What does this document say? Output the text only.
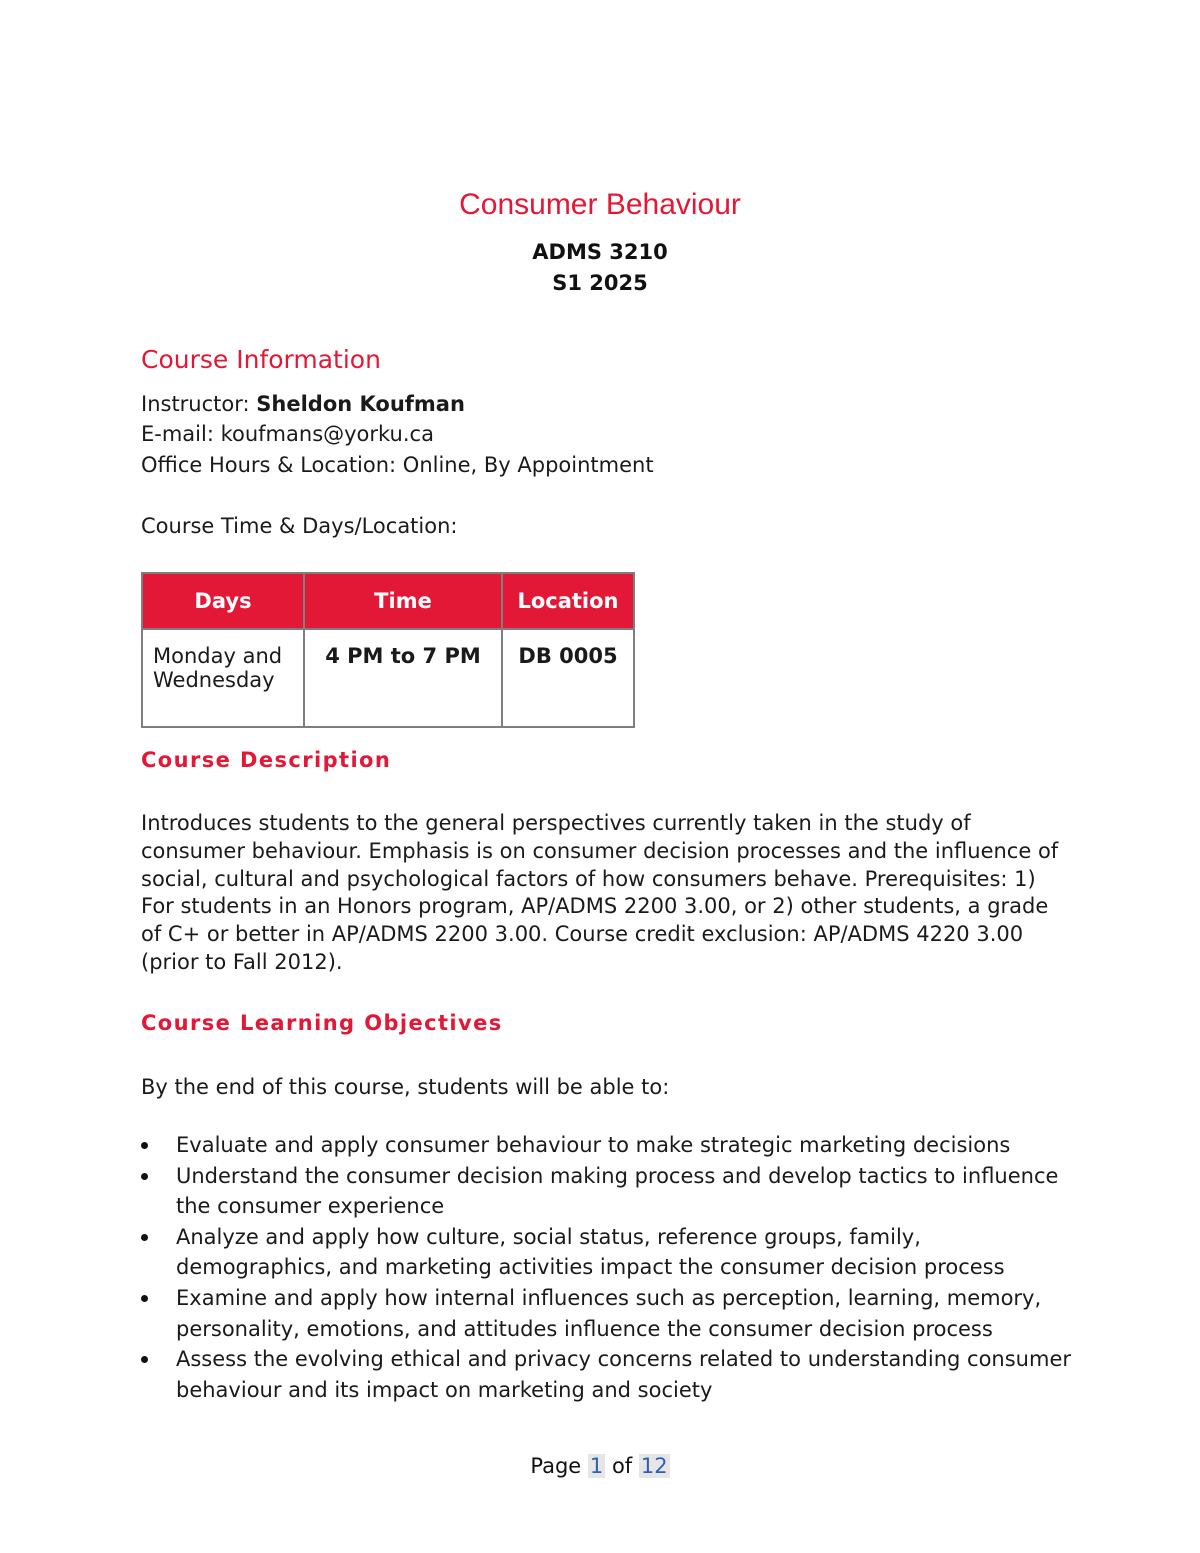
Consumer Behaviour
ADMS 3210
S1 2025
Course Information
Instructor: Sheldon Koufman
E-mail: koufmans@yorku.ca
Office Hours & Location: Online, By Appointment
Course Time & Days/Location:
Days	Time	Location
Monday and Wednesday	4 PM to 7 PM	DB 0005
Course Description
Introduces students to the general perspectives currently taken in the study of consumer behaviour. Emphasis is on consumer decision processes and the influence of social, cultural and psychological factors of how consumers behave. Prerequisites: 1) For students in an Honors program, AP/ADMS 2200 3.00, or 2) other students, a grade of C+ or better in AP/ADMS 2200 3.00. Course credit exclusion: AP/ADMS 4220 3.00 (prior to Fall 2012).
Course Learning Objectives
By the end of this course, students will be able to:
Evaluate and apply consumer behaviour to make strategic marketing decisions
Understand the consumer decision making process and develop tactics to influence the consumer experience
Analyze and apply how culture, social status, reference groups, family, demographics, and marketing activities impact the consumer decision process
Examine and apply how internal influences such as perception, learning, memory, personality, emotions, and attitudes influence the consumer decision process
Assess the evolving ethical and privacy concerns related to understanding consumer behaviour and its impact on marketing and society
Page 1 of 12
